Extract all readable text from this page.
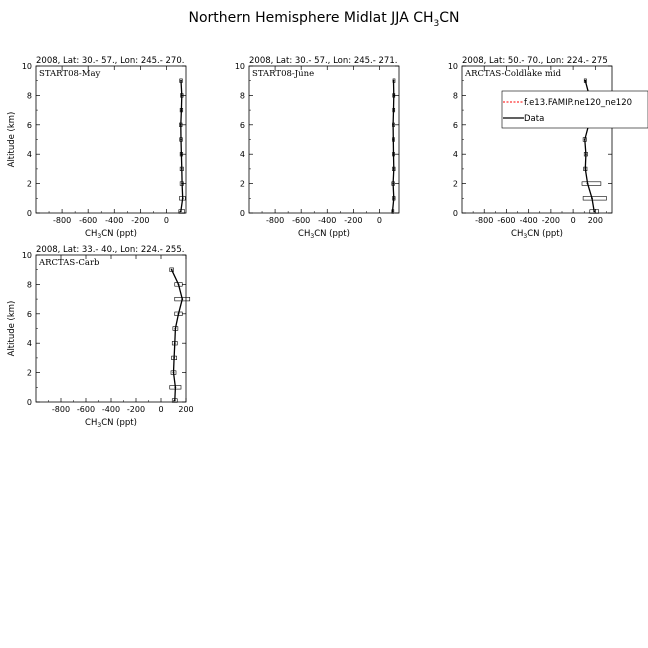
Northern Hemisphere Midlat JJA $CH_3CN$
2008, Lat: 30.- 57., Lon: 245.- 270.
0
2
4
6
8
10
-800 -600 -400 -200 0
$CH_3CN$ (ppt)
Altitude (km)
START08-May
2008, Lat: 30.- 57., Lon: 245.- 271.
0
2
4
6
8
10
-800 -600 -400 -200 0
$CH_3CN$ (ppt)
START08-June
2008, Lat: 50.- 70., Lon: 224.- 275
0
2
4
6
8
10
-800 -600 -400 -200 0 200
$CH_3CN$ (ppt)
ARCTAS-Coldlake mid
f.e13.FAMIP.ne120_ne120
Data
2008, Lat: 33.- 40., Lon: 224.- 255.
0
2
4
6
8
10
-800 -600 -400 -200 0 200
$CH_3CN$ (ppt)
Altitude (km)
ARCTAS-Carb
